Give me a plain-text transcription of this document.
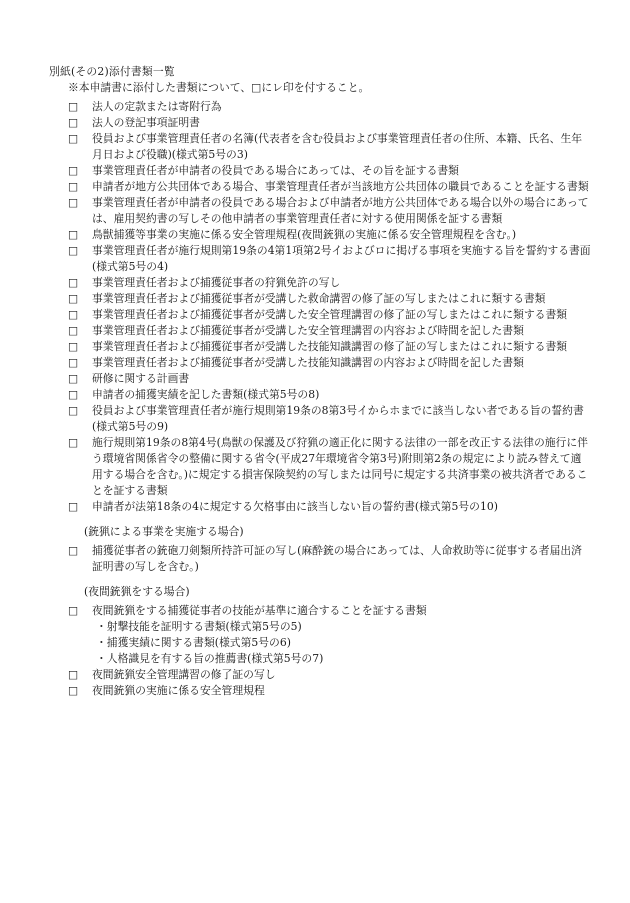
別紙(その2)添付書類一覧
※本申請書に添付した書類について、□にレ印を付すること。
□	法人の定款または寄附行為
□	法人の登記事項証明書
□	役員および事業管理責任者の名簿(代表者を含む役員および事業管理責任者の住所、本籍、氏名、生年月日および役職)(様式第5号の3)
□	事業管理責任者が申請者の役員である場合にあっては、その旨を証する書類
□	申請者が地方公共団体である場合、事業管理責任者が当該地方公共団体の職員であることを証する書類
□	事業管理責任者が申請者の役員である場合および申請者が地方公共団体である場合以外の場合にあっては、雇用契約書の写しその他申請者の事業管理責任者に対する使用関係を証する書類
□	鳥獣捕獲等事業の実施に係る安全管理規程(夜間銃猟の実施に係る安全管理規程を含む。)
□	事業管理責任者が施行規則第19条の4第1項第2号イおよびロに掲げる事項を実施する旨を誓約する書面(様式第5号の4)
□	事業管理責任者および捕獲従事者の狩猟免許の写し
□	事業管理責任者および捕獲従事者が受講した救命講習の修了証の写しまたはこれに類する書類
□	事業管理責任者および捕獲従事者が受講した安全管理講習の修了証の写しまたはこれに類する書類
□	事業管理責任者および捕獲従事者が受講した安全管理講習の内容および時間を記した書類
□	事業管理責任者および捕獲従事者が受講した技能知識講習の修了証の写しまたはこれに類する書類
□	事業管理責任者および捕獲従事者が受講した技能知識講習の内容および時間を記した書類
□	研修に関する計画書
□	申請者の捕獲実績を記した書類(様式第5号の8)
□	役員および事業管理責任者が施行規則第19条の8第3号イからホまでに該当しない者である旨の誓約書(様式第5号の9)
□	施行規則第19条の8第4号(鳥獣の保護及び狩猟の適正化に関する法律の一部を改正する法律の施行に伴う環境省関係省令の整備に関する省令(平成27年環境省令第3号)附則第2条の規定により読み替えて適用する場合を含む。)に規定する損害保険契約の写しまたは同号に規定する共済事業の被共済者であることを証する書類
□	申請者が法第18条の4に規定する欠格事由に該当しない旨の誓約書(様式第5号の10)
(銃猟による事業を実施する場合)
□	捕獲従事者の銃砲刀剣類所持許可証の写し(麻酔銃の場合にあっては、人命救助等に従事する者届出済証明書の写しを含む。)
(夜間銃猟をする場合)
□	夜間銃猟をする捕獲従事者の技能が基準に適合することを証する書類
・射撃技能を証明する書類(様式第5号の5)
・捕獲実績に関する書類(様式第5号の6)
・人格識見を有する旨の推薦書(様式第5号の7)
□	夜間銃猟安全管理講習の修了証の写し
□	夜間銃猟の実施に係る安全管理規程
